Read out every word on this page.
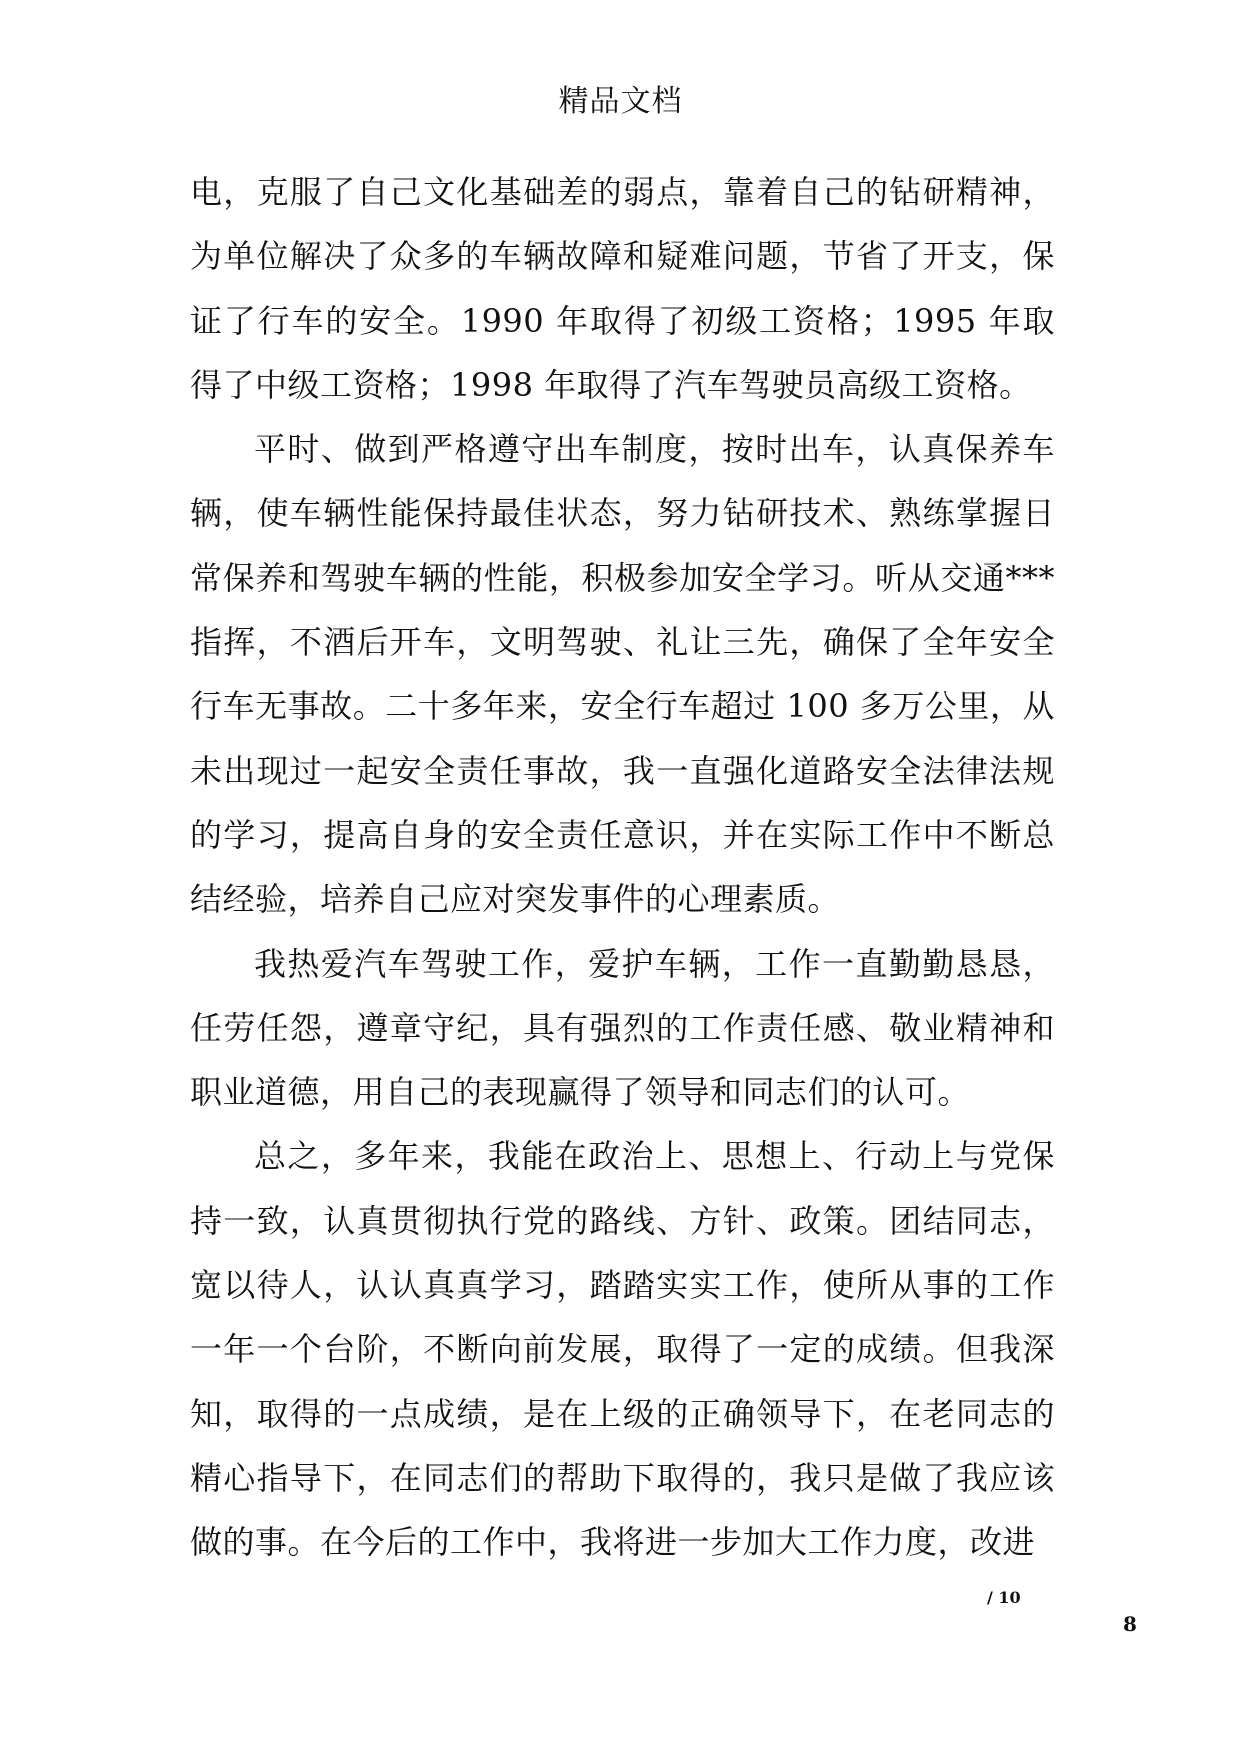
精品文档

电，克服了自己文化基础差的弱点，靠着自己的钻研精神，为单位解决了众多的车辆故障和疑难问题，节省了开支，保证了行车的安全。1990 年取得了初级工资格；1995 年取得了中级工资格；1998 年取得了汽车驾驶员高级工资格。

平时、做到严格遵守出车制度，按时出车，认真保养车辆，使车辆性能保持最佳状态，努力钻研技术、熟练掌握日常保养和驾驶车辆的性能，积极参加安全学习。听从交通***指挥，不酒后开车，文明驾驶、礼让三先，确保了全年安全行车无事故。二十多年来，安全行车超过 100 多万公里，从未出现过一起安全责任事故，我一直强化道路安全法律法规的学习，提高自身的安全责任意识，并在实际工作中不断总结经验，培养自己应对突发事件的心理素质。

我热爱汽车驾驶工作，爱护车辆，工作一直勤勤恳恳，任劳任怨，遵章守纪，具有强烈的工作责任感、敬业精神和职业道德，用自己的表现赢得了领导和同志们的认可。

总之，多年来，我能在政治上、思想上、行动上与党保持一致，认真贯彻执行党的路线、方针、政策。团结同志，宽以待人，认认真真学习，踏踏实实工作，使所从事的工作一年一个台阶，不断向前发展，取得了一定的成绩。但我深知，取得的一点成绩，是在上级的正确领导下，在老同志的精心指导下，在同志们的帮助下取得的，我只是做了我应该做的事。在今后的工作中，我将进一步加大工作力度，改进

8
/ 10
